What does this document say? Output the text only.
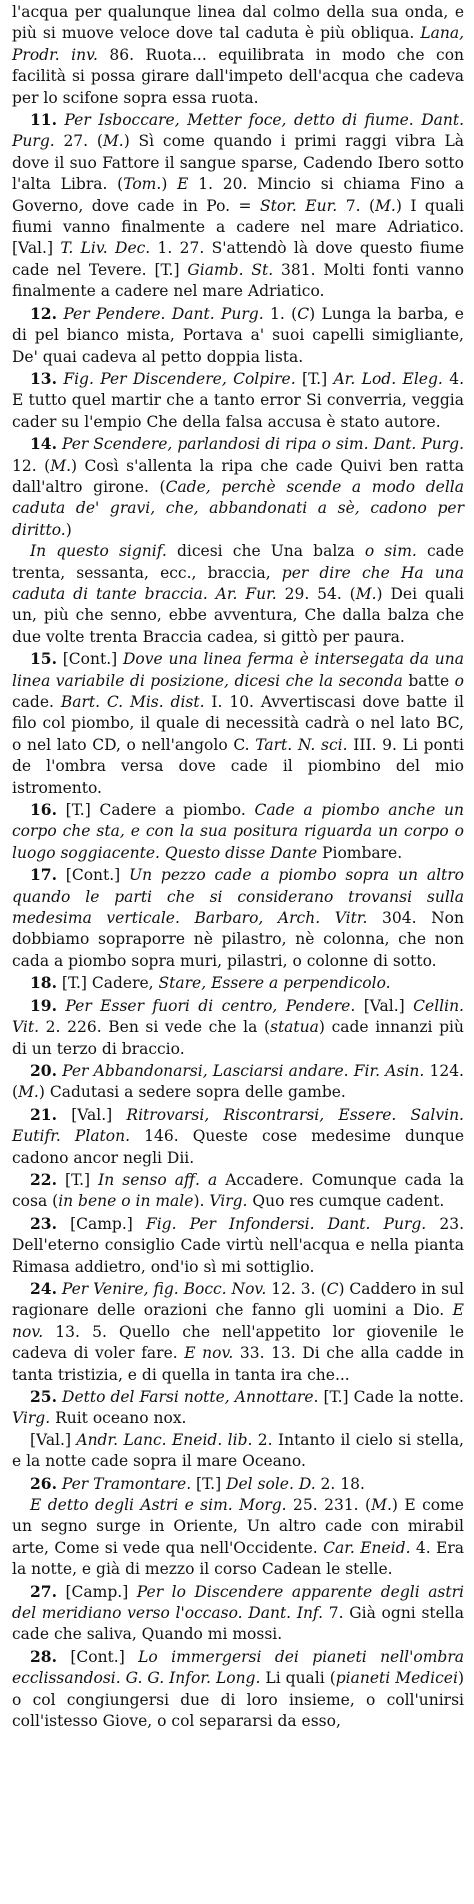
l'acqua per qualunque linea dal colmo della sua onda, e più si muove veloce dove tal caduta è più obliqua. Lana, Prodr. inv. 86. Ruota... equilibrata in modo che con facilità si possa girare dall'impeto dell'acqua che cadeva per lo scifone sopra essa ruota.

11. Per Isboccare, Metter foce, detto di fiume. Dant. Purg. 27. (M.) Sì come quando i primi raggi vibra Là dove il suo Fattore il sangue sparse, Cadendo Ibero sotto l'alta Libra. (Tom.) E 1. 20. Mincio si chiama Fino a Governo, dove cade in Po. = Stor. Eur. 7. (M.) I quali fiumi vanno finalmente a cadere nel mare Adriatico. [Val.] T. Liv. Dec. 1. 27. S'attendò là dove questo fiume cade nel Tevere. [T.] Giamb. St. 381. Molti fonti vanno finalmente a cadere nel mare Adriatico.

12. Per Pendere. Dant. Purg. 1. (C) Lunga la barba, e di pel bianco mista, Portava a' suoi capelli simigliante, De' quai cadeva al petto doppia lista.

13. Fig. Per Discendere, Colpire. [T.] Ar. Lod. Eleg. 4. E tutto quel martir che a tanto error Si converria, veggia cader su l'empio Che della falsa accusa è stato autore.

14. Per Scendere, parlandosi di ripa o sim. Dant. Purg. 12. (M.) Così s'allenta la ripa che cade Quivi ben ratta dall'altro girone. (Cade, perchè scende a modo della caduta de' gravi, che, abbandonati a sè, cadono per diritto.)

In questo signif. dicesi che Una balza o sim. cade trenta, sessanta, ecc., braccia, per dire che Ha una caduta di tante braccia. Ar. Fur. 29. 54. (M.) Dei quali un, più che senno, ebbe avventura, Che dalla balza che due volte trenta Braccia cadea, si gittò per paura.

15. [Cont.] Dove una linea ferma è intersegata da una linea variabile di posizione, dicesi che la seconda batte o cade. Bart. C. Mis. dist. I. 10. Avvertiscasi dove batte il filo col piombo, il quale di necessità cadrà o nel lato BC, o nel lato CD, o nell'angolo C. Tart. N. sci. III. 9. Li ponti de l'ombra versa dove cade il piombino del mio istromento.

16. [T.] Cadere a piombo. Cade a piombo anche un corpo che sta, e con la sua positura riguarda un corpo o luogo soggiacente. Questo disse Dante Piombare.

17. [Cont.] Un pezzo cade a piombo sopra un altro quando le parti che si considerano trovansi sulla medesima verticale. Barbaro, Arch. Vitr. 304. Non dobbiamo sopraporre nè pilastro, nè colonna, che non cada a piombo sopra muri, pilastri, o colonne di sotto.

18. [T.] Cadere, Stare, Essere a perpendicolo.

19. Per Esser fuori di centro, Pendere. [Val.] Cellin. Vit. 2. 226. Ben si vede che la (statua) cade innanzi più di un terzo di braccio.

20. Per Abbandonarsi, Lasciarsi andare. Fir. Asin. 124. (M.) Cadutasi a sedere sopra delle gambe.

21. [Val.] Ritrovarsi, Riscontrarsi, Essere. Salvin. Eutifr. Platon. 146. Queste cose medesime dunque cadono ancor negli Dii.

22. [T.] In senso aff. a Accadere. Comunque cada la cosa (in bene o in male). Virg. Quo res cumque cadent.

23. [Camp.] Fig. Per Infondersi. Dant. Purg. 23. Dell'eterno consiglio Cade virtù nell'acqua e nella pianta Rimasa addietro, ond'io sì mi sottiglio.

24. Per Venire, fig. Bocc. Nov. 12. 3. (C) Caddero in sul ragionare delle orazioni che fanno gli uomini a Dio. E nov. 13. 5. Quello che nell'appetito lor giovenile le cadeva di voler fare. E nov. 33. 13. Di che alla cadde in tanta tristizia, e di quella in tanta ira che...

25. Detto del Farsi notte, Annottare. [T.] Cade la notte. Virg. Ruit oceano nox.

[Val.] Andr. Lanc. Eneid. lib. 2. Intanto il cielo si stella, e la notte cade sopra il mare Oceano.

26. Per Tramontare. [T.] Del sole. D. 2. 18.

E detto degli Astri e sim. Morg. 25. 231. (M.) E come un segno surge in Oriente, Un altro cade con mirabil arte, Come si vede qua nell'Occidente. Car. Eneid. 4. Era la notte, e già di mezzo il corso Cadean le stelle.

27. [Camp.] Per lo Discendere apparente degli astri del meridiano verso l'occaso. Dant. Inf. 7. Già ogni stella cade che saliva, Quando mi mossi.

28. [Cont.] Lo immergersi dei pianeti nell'ombra ecclissandosi. G. G. Infor. Long. Li quali (pianeti Medicei) o col congiungersi due di loro insieme, o coll'unirsi coll'istesso Giove, o col separarsi da esso,
